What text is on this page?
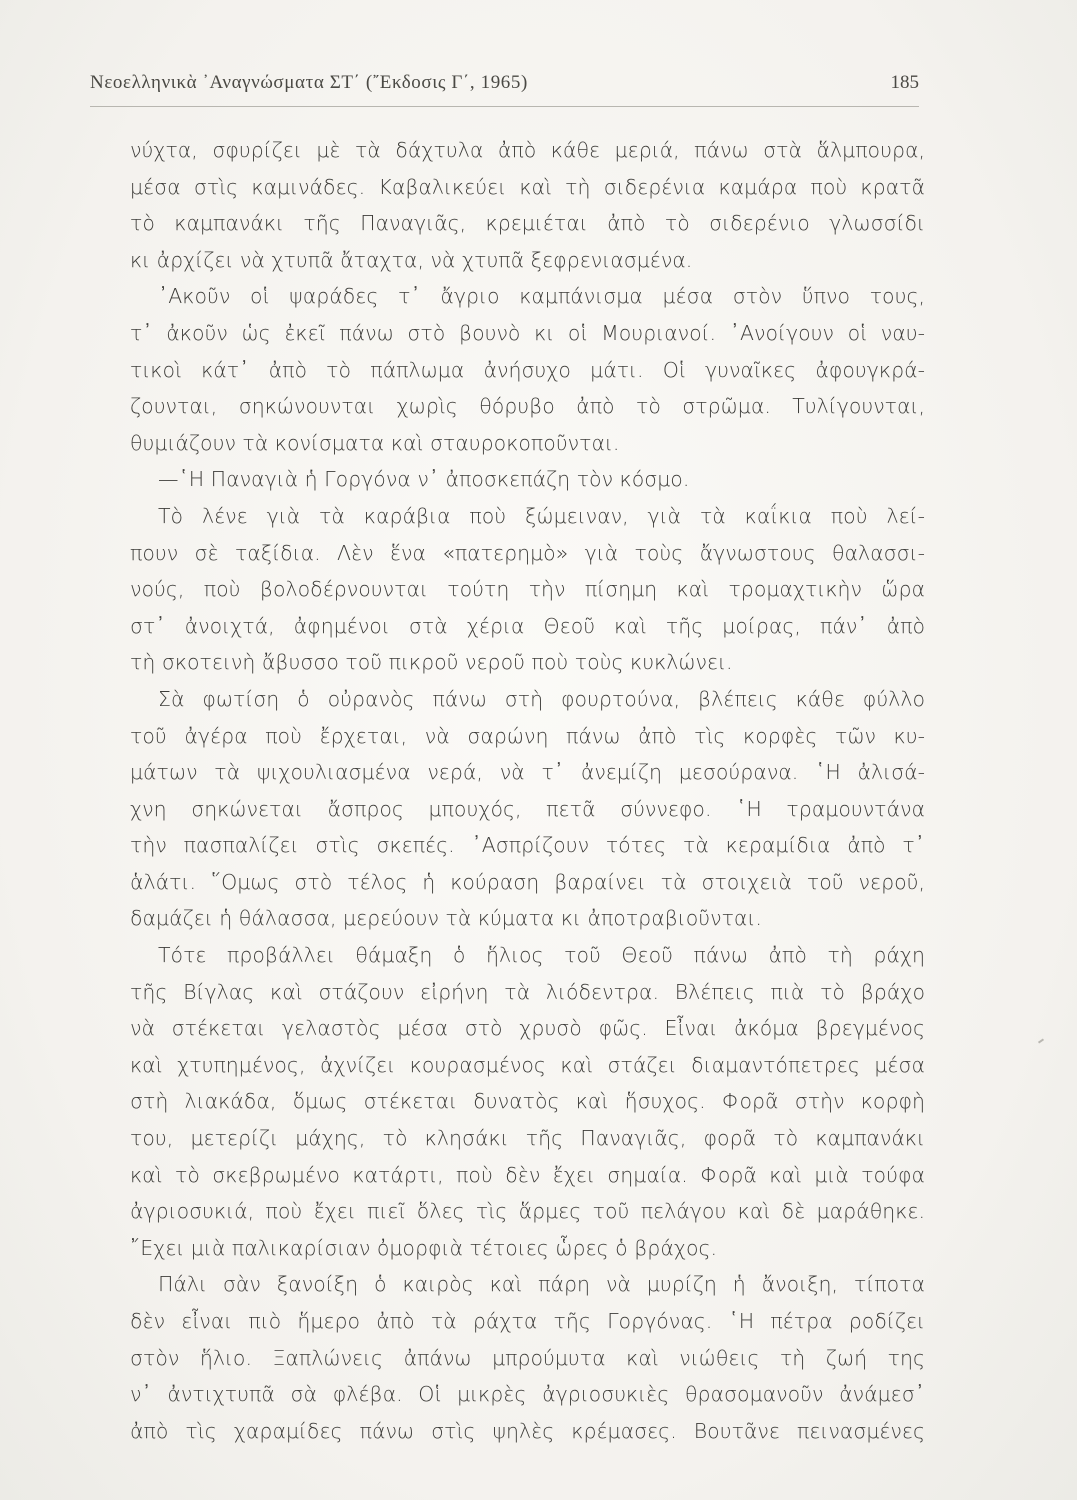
Νεοελληνικὰ ᾿Αναγνώσματα ΣΤ΄ (῎Εκδοσις Γ΄, 1965)	185
νύχτα, σφυρίζει μὲ τὰ δάχτυλα ἀπὸ κάθε μεριά, πάνω στὰ ἅλμπουρα,
μέσα στὶς καμινάδες. Καβαλικεύει καὶ τὴ σιδερένια καμάρα ποὺ κρατᾶ
τὸ καμπανάκι τῆς Παναγιᾶς, κρεμιέται ἀπὸ τὸ σιδερένιο γλωσσίδι
κι ἀρχίζει νὰ χτυπᾶ ἄταχτα, νὰ χτυπᾶ ξεφρενιασμένα.
᾿Ακοῦν οἱ ψαράδες τ᾿ ἄγριο καμπάνισμα μέσα στὸν ὕπνο τους,
τ᾿ ἀκοῦν ὡς ἐκεῖ πάνω στὸ βουνὸ κι οἱ Μουριανοί. ᾿Ανοίγουν οἱ ναυ-
τικοὶ κάτ᾿ ἀπὸ τὸ πάπλωμα ἀνήσυχο μάτι. Οἱ γυναῖκες ἀφουγκρά-
ζουνται, σηκώνουνται χωρὶς θόρυβο ἀπὸ τὸ στρῶμα. Τυλίγουνται,
θυμιάζουν τὰ κονίσματα καὶ σταυροκοποῦνται.
—῾Η Παναγιὰ ἡ Γοργόνα ν᾿ ἀποσκεπάζη τὸν κόσμο.
Τὸ λένε γιὰ τὰ καράβια ποὺ ξώμειναν, γιὰ τὰ καΐκια ποὺ λεί-
πουν σὲ ταξίδια. Λὲν ἕνα «πατερημὸ» γιὰ τοὺς ἄγνωστους θαλασσι-
νούς, ποὺ βολοδέρνουνται τούτη τὴν πίσημη καὶ τρομαχτικὴν ὥρα
στ᾿ ἀνοιχτά, ἀφημένοι στὰ χέρια Θεοῦ καὶ τῆς μοίρας, πάν᾿ ἀπὸ
τὴ σκοτεινὴ ἄβυσσο τοῦ πικροῦ νεροῦ ποὺ τοὺς κυκλώνει.
Σὰ φωτίση ὁ οὐρανὸς πάνω στὴ φουρτούνα, βλέπεις κάθε φύλλο
τοῦ ἀγέρα ποὺ ἔρχεται, νὰ σαρώνη πάνω ἀπὸ τὶς κορφὲς τῶν κυ-
μάτων τὰ ψιχουλιασμένα νερά, νὰ τ᾿ ἀνεμίζη μεσούρανα. ῾Η ἀλισά-
χνη σηκώνεται ἄσπρος μπουχός, πετᾶ σύννεφο. ῾Η τραμουντάνα
τὴν πασπαλίζει στὶς σκεπές. ᾿Ασπρίζουν τότες τὰ κεραμίδια ἀπὸ τ᾿
ἁλάτι. ῞Ομως στὸ τέλος ἡ κούραση βαραίνει τὰ στοιχειὰ τοῦ νεροῦ,
δαμάζει ἡ θάλασσα, μερεύουν τὰ κύματα κι ἀποτραβιοῦνται.
Τότε προβάλλει θάμαξη ὁ ἥλιος τοῦ Θεοῦ πάνω ἀπὸ τὴ ράχη
τῆς Βίγλας καὶ στάζουν εἰρήνη τὰ λιόδεντρα. Βλέπεις πιὰ τὸ βράχο
νὰ στέκεται γελαστὸς μέσα στὸ χρυσὸ φῶς. Εἶναι ἀκόμα βρεγμένος
καὶ χτυπημένος, ἀχνίζει κουρασμένος καὶ στάζει διαμαντόπετρες μέσα
στὴ λιακάδα, ὅμως στέκεται δυνατὸς καὶ ἥσυχος. Φορᾶ στὴν κορφὴ
του, μετερίζι μάχης, τὸ κλησάκι τῆς Παναγιᾶς, φορᾶ τὸ καμπανάκι
καὶ τὸ σκεβρωμένο κατάρτι, ποὺ δὲν ἔχει σημαία. Φορᾶ καὶ μιὰ τούφα
ἀγριοσυκιά, ποὺ ἔχει πιεῖ ὅλες τὶς ἅρμες τοῦ πελάγου καὶ δὲ μαράθηκε.
῎Εχει μιὰ παλικαρίσιαν ὀμορφιὰ τέτοιες ὧρες ὁ βράχος.
Πάλι σὰν ξανοίξη ὁ καιρὸς καὶ πάρη νὰ μυρίζη ἡ ἄνοιξη, τίποτα
δὲν εἶναι πιὸ ἥμερο ἀπὸ τὰ ράχτα τῆς Γοργόνας. ῾Η πέτρα ροδίζει
στὸν ἥλιο. Ξαπλώνεις ἀπάνω μπρούμυτα καὶ νιώθεις τὴ ζωή της
ν᾿ ἀντιχτυπᾶ σὰ φλέβα. Οἱ μικρὲς ἀγριοσυκιὲς θρασομανοῦν ἀνάμεσ᾿
ἀπὸ τὶς χαραμίδες πάνω στὶς ψηλὲς κρέμασες. Βουτᾶνε πεινασμένες
